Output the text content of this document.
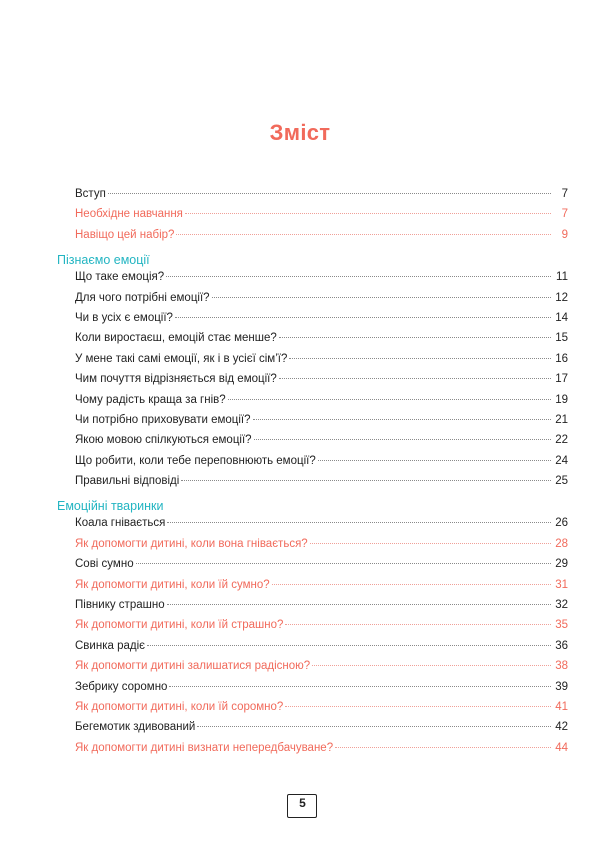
Зміст
Вступ	7
Необхідне навчання	7
Навіщо цей набір?	9
Пізнаємо емоції
Що таке емоція?	11
Для чого потрібні емоції?	12
Чи в усіх є емоції?	14
Коли виростаєш, емоцій стає менше?	15
У мене такі самі емоції, як і в усієї сім’ї?	16
Чим почуття відрізняється від емоції?	17
Чому радість краща за гнів?	19
Чи потрібно приховувати емоції?	21
Якою мовою спілкуються емоції?	22
Що робити, коли тебе переповнюють емоції?	24
Правильні відповіді	25
Емоційні тваринки
Коала гнівається	26
Як допомогти дитині, коли вона гнівається?	28
Сові сумно	29
Як допомогти дитині, коли їй сумно?	31
Півнику страшно	32
Як допомогти дитині, коли їй страшно?	35
Свинка радіє	36
Як допомогти дитині залишатися радісною?	38
Зебрику соромно	39
Як допомогти дитині, коли їй соромно?	41
Бегемотик здивований	42
Як допомогти дитині визнати непередбачуване?	44
5
